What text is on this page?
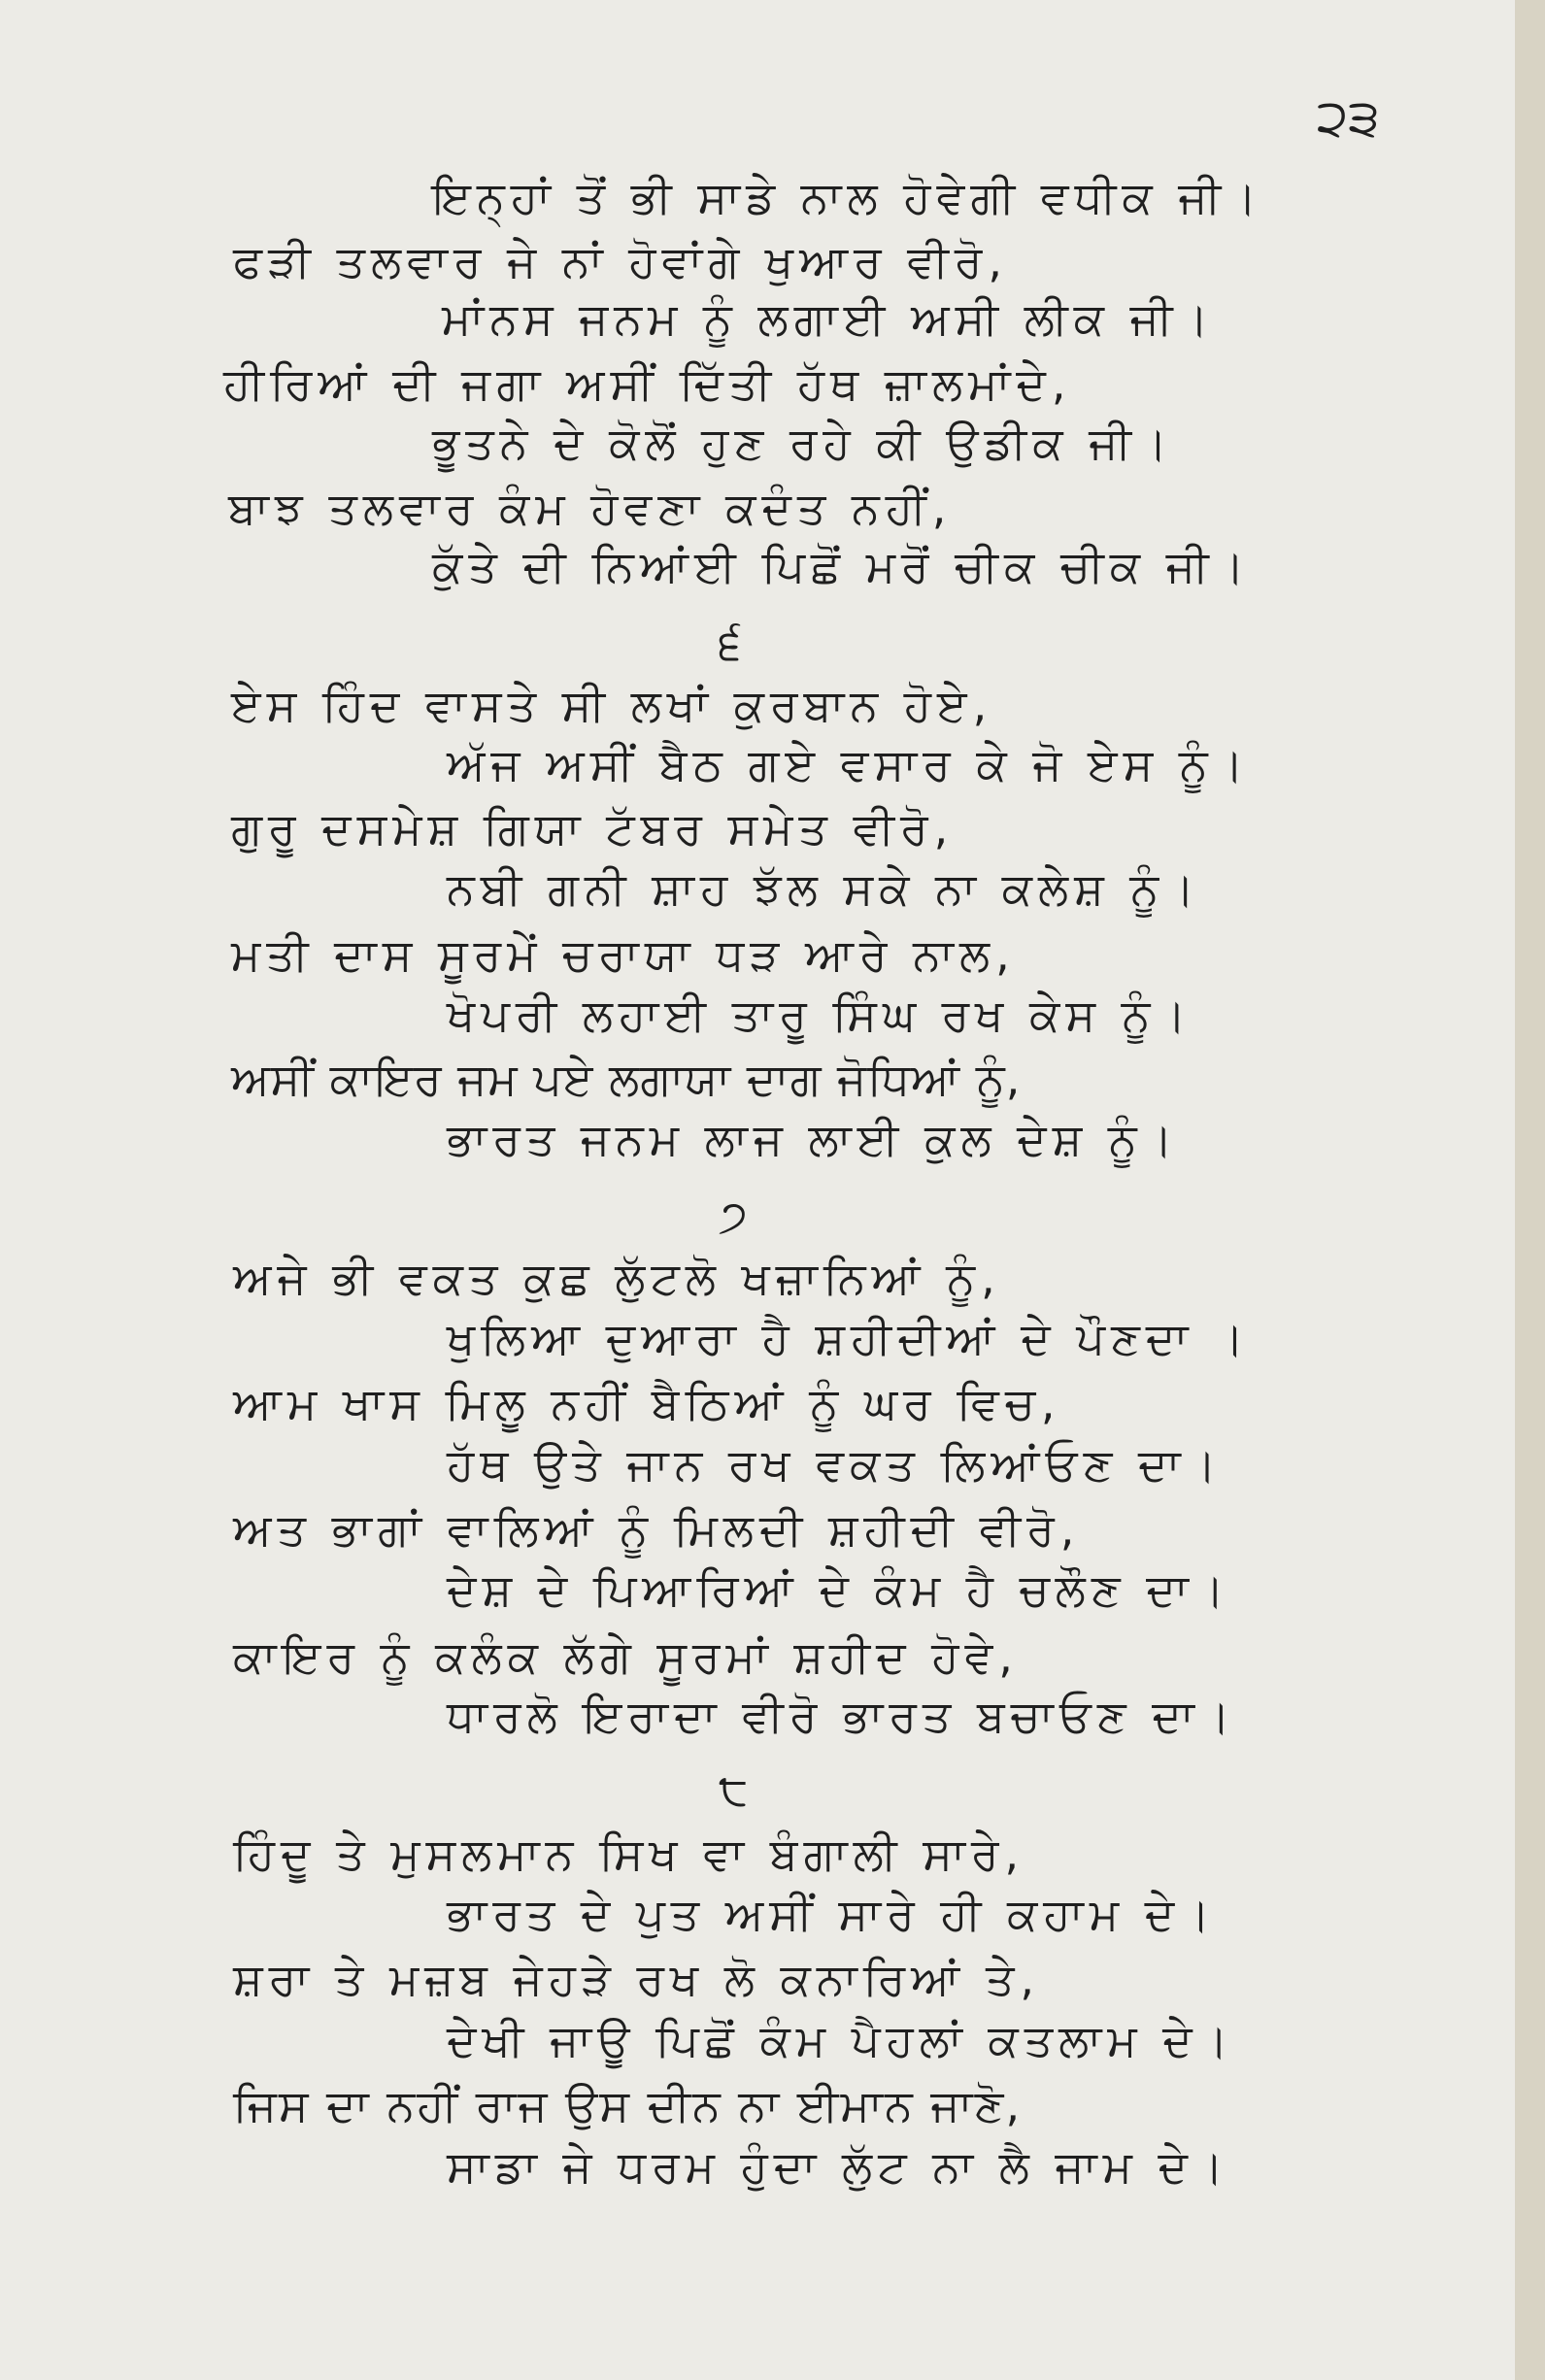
੨੩
ਇਨ੍ਹਾਂ ਤੋਂ ਭੀ ਸਾਡੇ ਨਾਲ ਹੋਵੇਗੀ ਵਧੀਕ ਜੀ।
ਫੜੀ ਤਲਵਾਰ ਜੇ ਨਾਂ ਹੋਵਾਂਗੇ ਖੁਆਰ ਵੀਰੋ,
ਮਾਂਨਸ ਜਨਮ ਨੂੰ ਲਗਾਈ ਅਸੀ ਲੀਕ ਜੀ।
ਹੀਰਿਆਂ ਦੀ ਜਗਾ ਅਸੀਂ ਦਿੱਤੀ ਹੱਥ ਜ਼ਾਲਮਾਂਦੇ,
ਭੂਤਨੇ ਦੇ ਕੋਲੋਂ ਹੁਣ ਰਹੇ ਕੀ ਉਡੀਕ ਜੀ।
ਬਾਝ ਤਲਵਾਰ ਕੰਮ ਹੋਵਣਾ ਕਦੰਤ ਨਹੀਂ,
ਕੁੱਤੇ ਦੀ ਨਿਆਂਈ ਪਿਛੋਂ ਮਰੋਂ ਚੀਕ ਚੀਕ ਜੀ।
੬
ਏਸ ਹਿੰਦ ਵਾਸਤੇ ਸੀ ਲਖਾਂ ਕੁਰਬਾਨ ਹੋਏ,
ਅੱਜ ਅਸੀਂ ਬੈਠ ਗਏ ਵਸਾਰ ਕੇ ਜੋ ਏਸ ਨੂੰ।
ਗੁਰੂ ਦਸਮੇਸ਼ ਗਿਯਾ ਟੱਬਰ ਸਮੇਤ ਵੀਰੋ,
ਨਬੀ ਗਨੀ ਸ਼ਾਹ ਝੱਲ ਸਕੇ ਨਾ ਕਲੇਸ਼ ਨੂੰ।
ਮਤੀ ਦਾਸ ਸੂਰਮੇਂ ਚਰਾਯਾ ਧੜ ਆਰੇ ਨਾਲ,
ਖੋਪਰੀ ਲਹਾਈ ਤਾਰੂ ਸਿੰਘ ਰਖ ਕੇਸ ਨੂੰ।
ਅਸੀਂ ਕਾਇਰ ਜਮ ਪਏ ਲਗਾਯਾ ਦਾਗ ਜੋਧਿਆਂ ਨੂੰ,
ਭਾਰਤ ਜਨਮ ਲਾਜ ਲਾਈ ਕੁਲ ਦੇਸ਼ ਨੂੰ।
੭
ਅਜੇ ਭੀ ਵਕਤ ਕੁਛ ਲੁੱਟਲੋ ਖਜ਼ਾਨਿਆਂ ਨੂੰ,
ਖੁਲਿਆ ਦੁਆਰਾ ਹੈ ਸ਼ਹੀਦੀਆਂ ਦੇ ਪੌਣਦਾ ।
ਆਮ ਖਾਸ ਮਿਲੂ ਨਹੀਂ ਬੈਠਿਆਂ ਨੂੰ ਘਰ ਵਿਚ,
ਹੱਥ ਉਤੇ ਜਾਨ ਰਖ ਵਕਤ ਲਿਆਂਓਣ ਦਾ।
ਅਤ ਭਾਗਾਂ ਵਾਲਿਆਂ ਨੂੰ ਮਿਲਦੀ ਸ਼ਹੀਦੀ ਵੀਰੋ,
ਦੇਸ਼ ਦੇ ਪਿਆਰਿਆਂ ਦੇ ਕੰਮ ਹੈ ਚਲੌਣ ਦਾ।
ਕਾਇਰ ਨੂੰ ਕਲੰਕ ਲੱਗੇ ਸੂਰਮਾਂ ਸ਼ਹੀਦ ਹੋਵੇ,
ਧਾਰਲੋ ਇਰਾਦਾ ਵੀਰੋ ਭਾਰਤ ਬਚਾਓਣ ਦਾ।
੮
ਹਿੰਦੂ ਤੇ ਮੁਸਲਮਾਨ ਸਿਖ ਵਾ ਬੰਗਾਲੀ ਸਾਰੇ,
ਭਾਰਤ ਦੇ ਪੁਤ ਅਸੀਂ ਸਾਰੇ ਹੀ ਕਹਾਮ ਦੇ।
ਸ਼ਰਾ ਤੇ ਮਜ਼ਬ ਜੇਹੜੇ ਰਖ ਲੋ ਕਨਾਰਿਆਂ ਤੇ,
ਦੇਖੀ ਜਾਊ ਪਿਛੋਂ ਕੰਮ ਪੈਹਲਾਂ ਕਤਲਾਮ ਦੇ।
ਜਿਸ ਦਾ ਨਹੀਂ ਰਾਜ ਉਸ ਦੀਨ ਨਾ ਈਮਾਨ ਜਾਣੋ,
ਸਾਡਾ ਜੇ ਧਰਮ ਹੁੰਦਾ ਲੁੱਟ ਨਾ ਲੈ ਜਾਮ ਦੇ।
